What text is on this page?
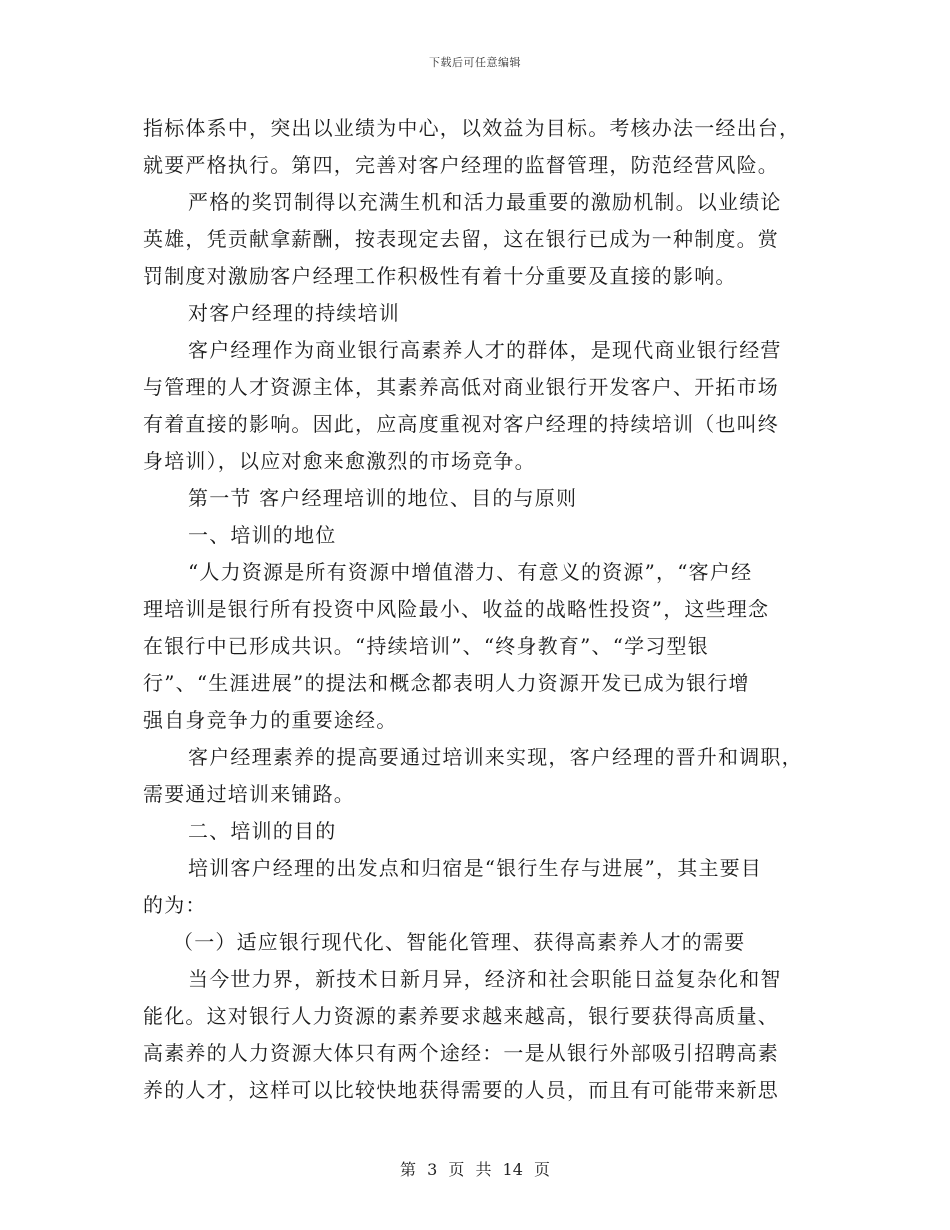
下载后可任意编辑
指标体系中，突出以业绩为中心，以效益为目标。考核办法一经出台，
就要严格执行。第四，完善对客户经理的监督管理，防范经营风险。
严格的奖罚制得以充满生机和活力最重要的激励机制。以业绩论
英雄，凭贡献拿薪酬，按表现定去留，这在银行已成为一种制度。赏
罚制度对激励客户经理工作积极性有着十分重要及直接的影响。
对客户经理的持续培训
客户经理作为商业银行高素养人才的群体，是现代商业银行经营
与管理的人才资源主体，其素养高低对商业银行开发客户、开拓市场
有着直接的影响。因此，应高度重视对客户经理的持续培训（也叫终
身培训），以应对愈来愈激烈的市场竞争。
第一节 客户经理培训的地位、目的与原则
一、培训的地位
“人力资源是所有资源中增值潜力、有意义的资源”，“客户经
理培训是银行所有投资中风险最小、收益的战略性投资”，这些理念
在银行中已形成共识。“持续培训”、“终身教育”、“学习型银
行”、“生涯进展”的提法和概念都表明人力资源开发已成为银行增
强自身竞争力的重要途经。
客户经理素养的提高要通过培训来实现，客户经理的晋升和调职，
需要通过培训来铺路。
二、培训的目的
培训客户经理的出发点和归宿是“银行生存与进展”，其主要目
的为：
（一）适应银行现代化、智能化管理、获得高素养人才的需要
当今世力界，新技术日新月异，经济和社会职能日益复杂化和智
能化。这对银行人力资源的素养要求越来越高，银行要获得高质量、
高素养的人力资源大体只有两个途经：一是从银行外部吸引招聘高素
养的人才，这样可以比较快地获得需要的人员，而且有可能带来新思
第 3 页 共 14 页
